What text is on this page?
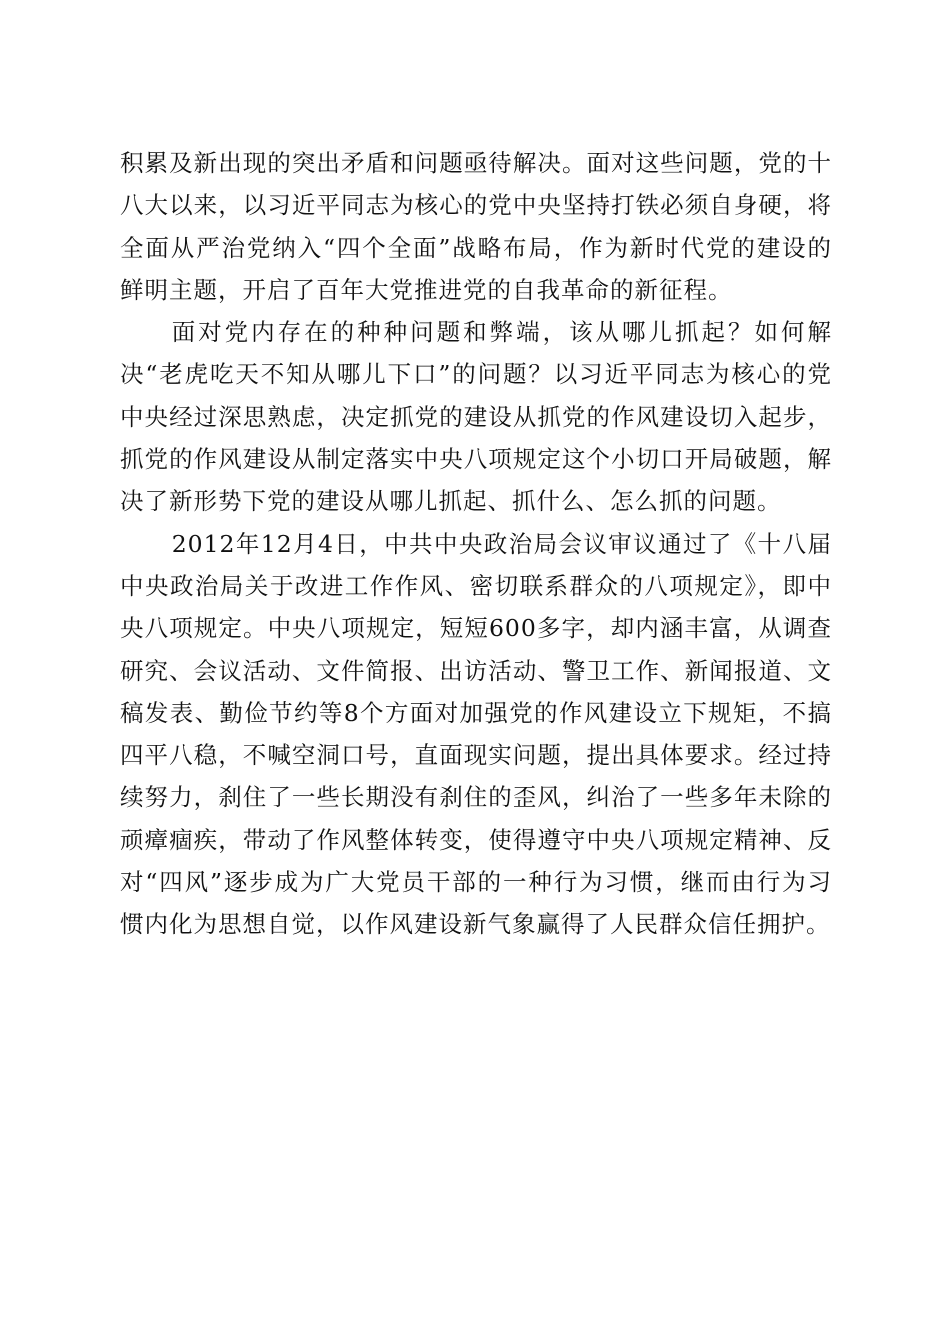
积累及新出现的突出矛盾和问题亟待解决。面对这些问题，党的十八大以来，以习近平同志为核心的党中央坚持打铁必须自身硬，将全面从严治党纳入“四个全面”战略布局，作为新时代党的建设的鲜明主题，开启了百年大党推进党的自我革命的新征程。

面对党内存在的种种问题和弊端，该从哪儿抓起？如何解决“老虎吃天不知从哪儿下口”的问题？以习近平同志为核心的党中央经过深思熟虑，决定抓党的建设从抓党的作风建设切入起步，抓党的作风建设从制定落实中央八项规定这个小切口开局破题，解决了新形势下党的建设从哪儿抓起、抓什么、怎么抓的问题。

2012年12月4日，中共中央政治局会议审议通过了《十八届中央政治局关于改进工作作风、密切联系群众的八项规定》，即中央八项规定。中央八项规定，短短600多字，却内涵丰富，从调查研究、会议活动、文件简报、出访活动、警卫工作、新闻报道、文稿发表、勤俭节约等8个方面对加强党的作风建设立下规矩，不搞四平八稳，不喊空洞口号，直面现实问题，提出具体要求。经过持续努力，刹住了一些长期没有刹住的歪风，纠治了一些多年未除的顽瘴痼疾，带动了作风整体转变，使得遵守中央八项规定精神、反对“四风”逐步成为广大党员干部的一种行为习惯，继而由行为习惯内化为思想自觉，以作风建设新气象赢得了人民群众信任拥护。
